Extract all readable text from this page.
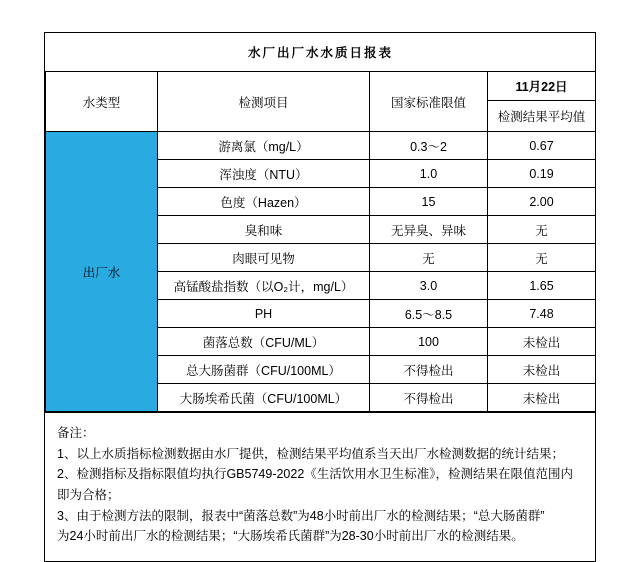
水厂出厂水水质日报表			
水类型	检测项目	国家标准限值	11月22日
			检测结果平均值
出厂水	游离氯（mg/L）	0.3～2	0.67
	浑浊度（NTU）	1.0	0.19
	色度（Hazen）	15	2.00
	臭和味	无异臭、异味	无
	肉眼可见物	无	无
	高锰酸盐指数（以O₂计，mg/L）	3.0	1.65
	PH	6.5～8.5	7.48
	菌落总数（CFU/ML）	100	未检出
	总大肠菌群（CFU/100ML）	不得检出	未检出
	大肠埃希氏菌（CFU/100ML）	不得检出	未检出
备注：
1、以上水质指标检测数据由水厂提供，检测结果平均值系当天出厂水检测数据的统计结果；
2、检测指标及指标限值均执行GB5749-2022《生活饮用水卫生标准》，检测结果在限值范围内
即为合格；
3、由于检测方法的限制，报表中“菌落总数”为48小时前出厂水的检测结果；“总大肠菌群”
为24小时前出厂水的检测结果；“大肠埃希氏菌群”为28-30小时前出厂水的检测结果。
